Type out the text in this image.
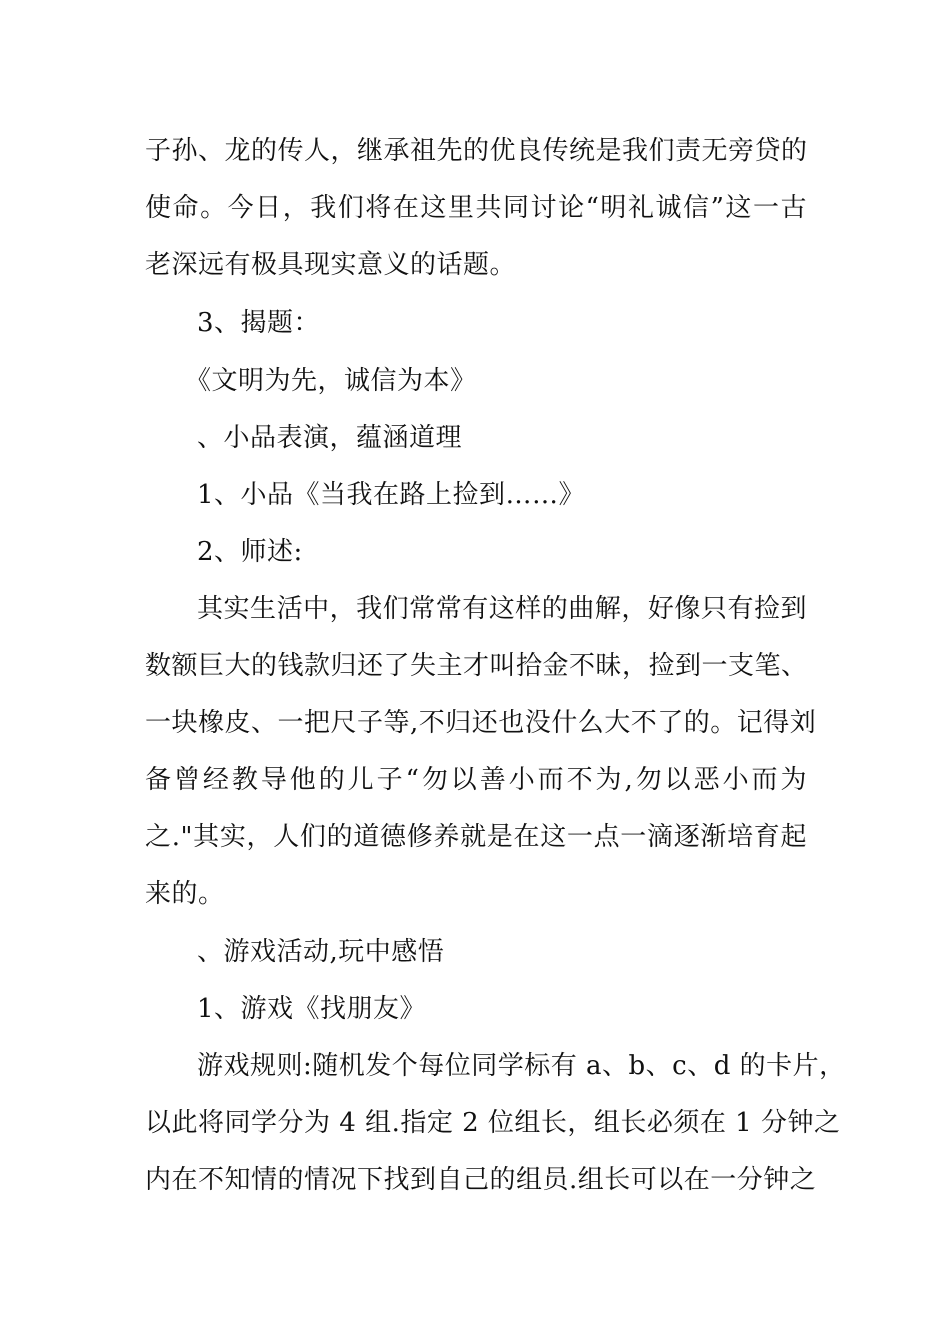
子孙、龙的传人，继承祖先的优良传统是我们责无旁贷的
使命。今日，我们将在这里共同讨论“明礼诚信”这一古
老深远有极具现实意义的话题。

3、揭题：

《文明为先，诚信为本》

、小品表演，蕴涵道理

1、小品《当我在路上捡到……》

2、师述:

其实生活中，我们常常有这样的曲解，好像只有捡到
数额巨大的钱款归还了失主才叫拾金不昧，捡到一支笔、
一块橡皮、一把尺子等,不归还也没什么大不了的。记得刘
备曾经教导他的儿子“勿以善小而不为,勿以恶小而为
之."其实，人们的道德修养就是在这一点一滴逐渐培育起
来的。

、游戏活动,玩中感悟

1、游戏《找朋友》

游戏规则:随机发个每位同学标有 a、b、c、d 的卡片，
以此将同学分为 4 组.指定 2 位组长，组长必须在 1 分钟之
内在不知情的情况下找到自己的组员.组长可以在一分钟之
